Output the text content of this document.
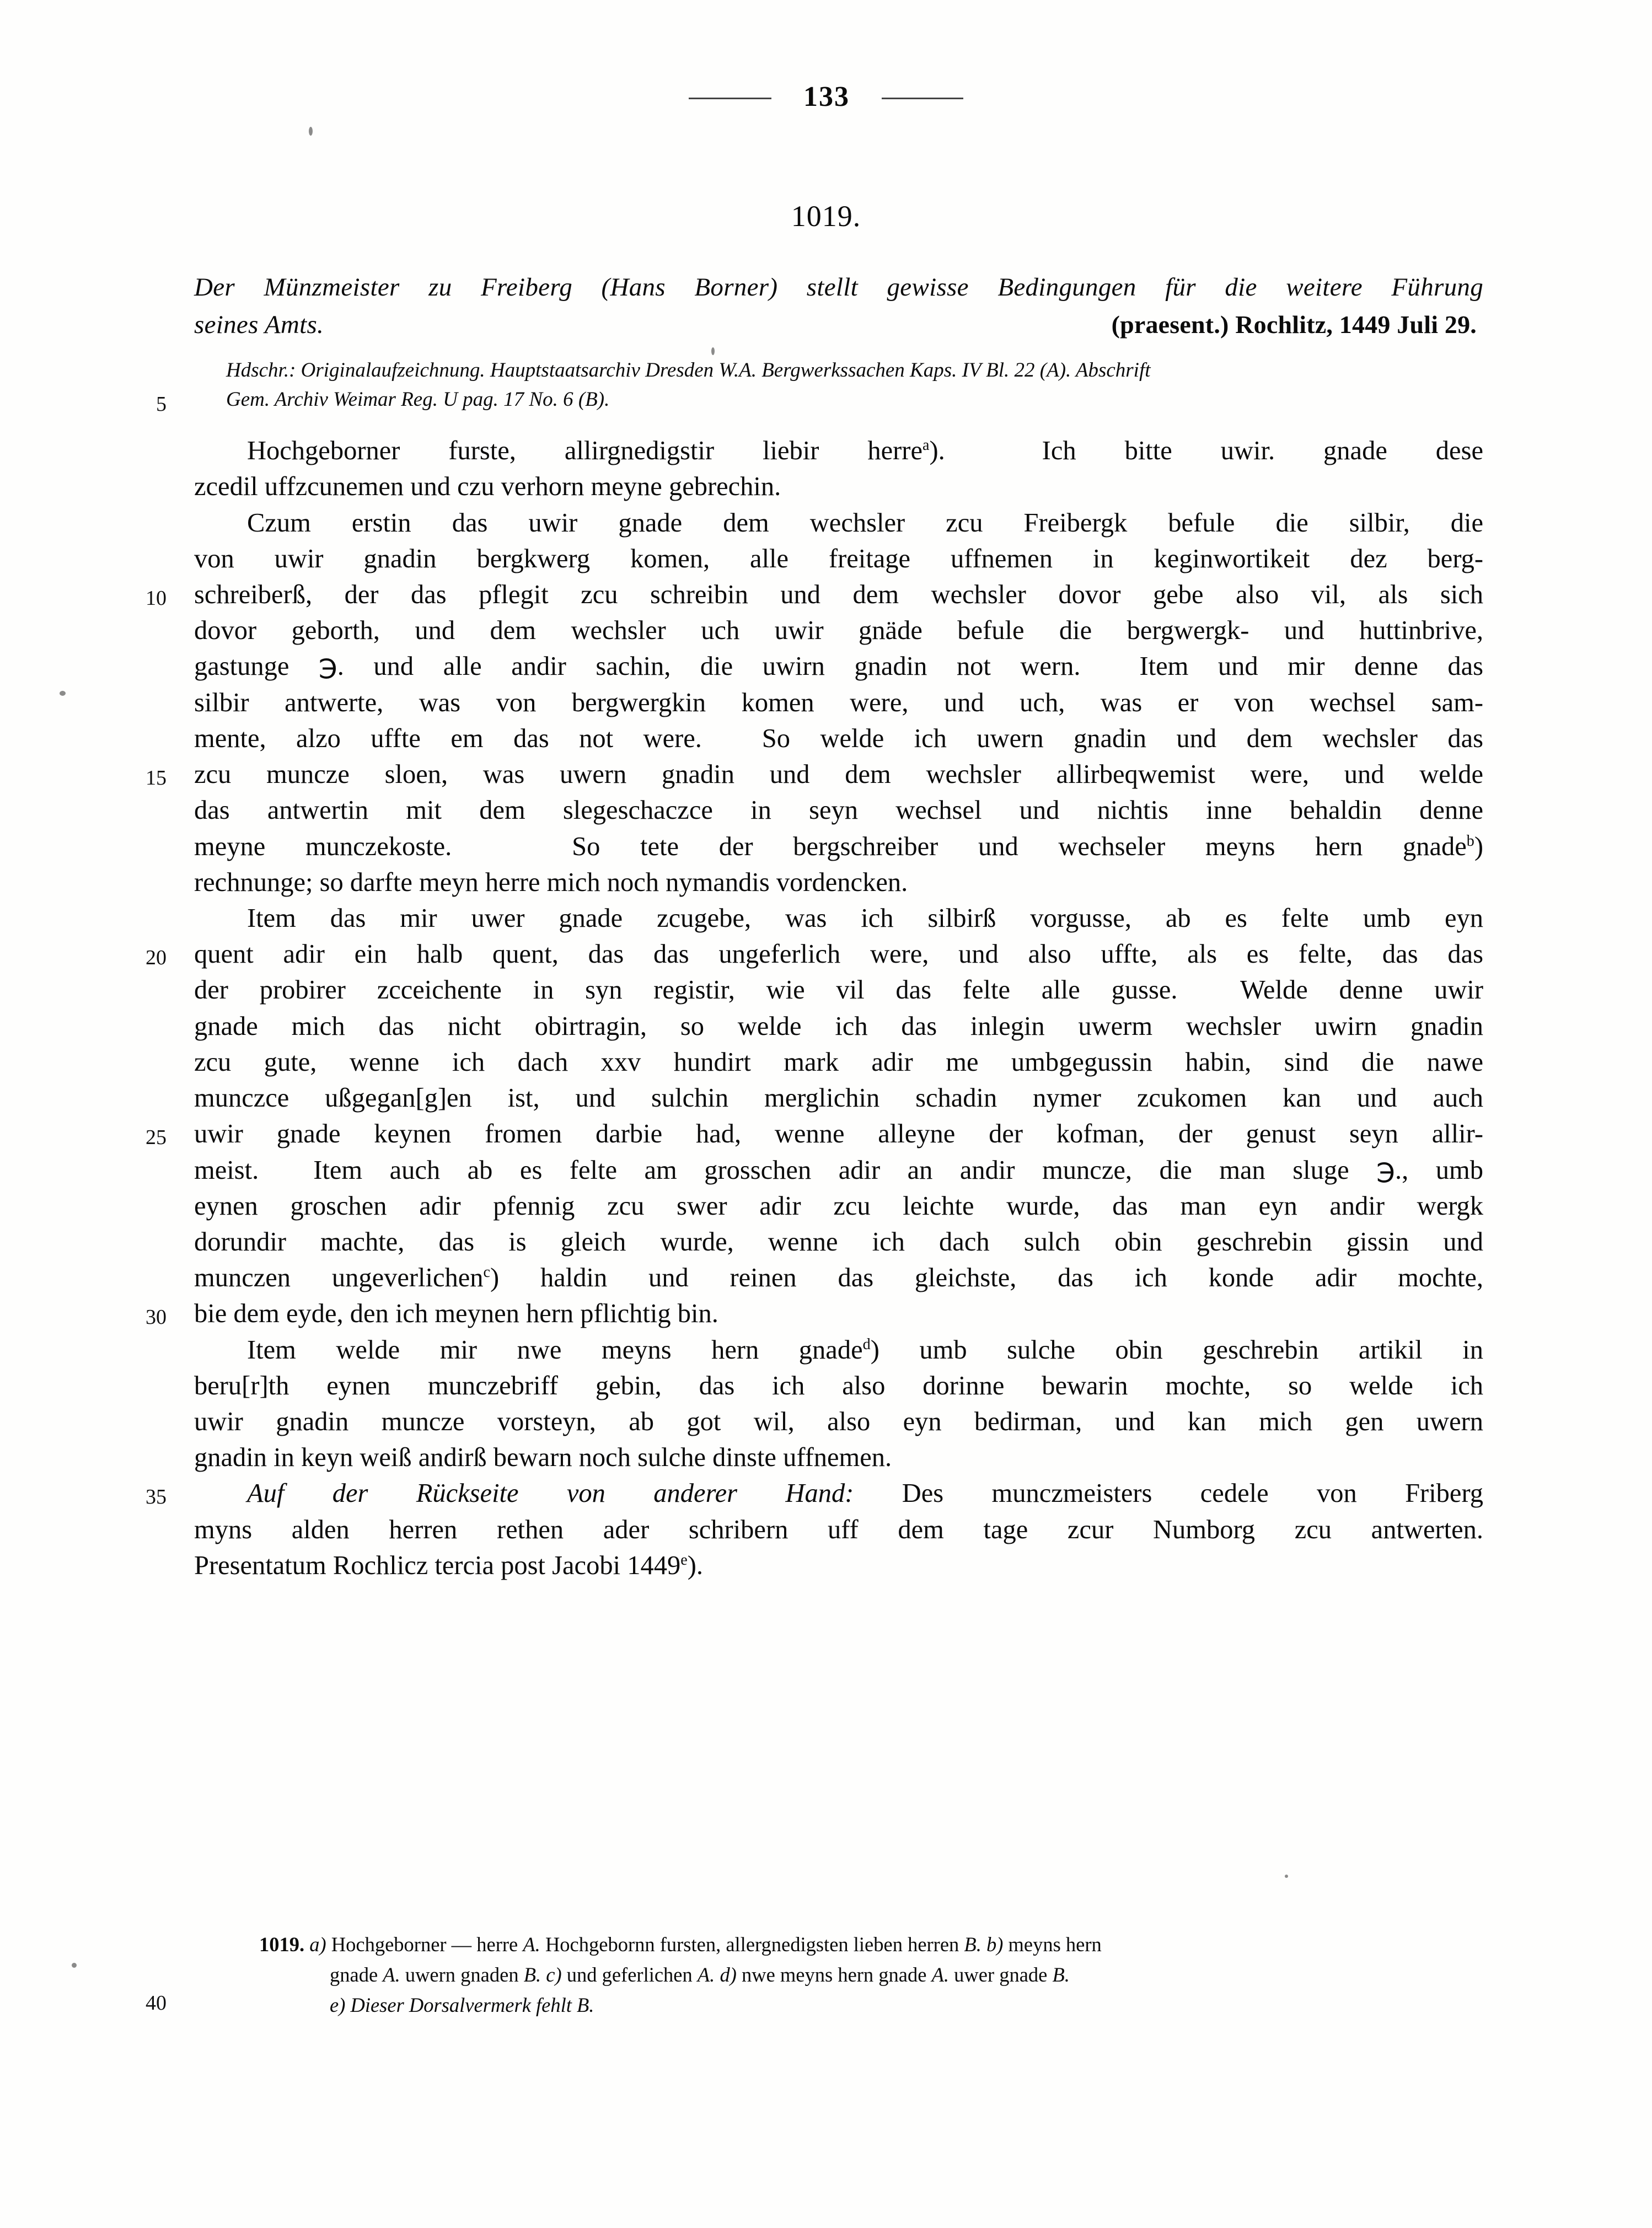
133
1019.
Der Münzmeister zu Freiberg (Hans Borner) stellt gewisse Bedingungen für die weitere Führung
seines Amts.	(praesent.) Rochlitz, 1449 Juli 29.
Hdschr.: Originalaufzeichnung. Hauptstaatsarchiv Dresden W.A. Bergwerkssachen Kaps. IV Bl. 22 (A). Abschrift
Gem. Archiv Weimar Reg. U pag. 17 No. 6 (B).

Hochgeborner furste, allirgnedigstir liebir herre$^a$).  Ich bitte uwir. gnade dese
zcedil uffzcunemen und czu verhorn meyne gebrechin.

Czum erstin das uwir gnade dem wechsler zcu Freibergk befule die silbir, die
von uwir gnadin bergkwerg komen, alle freitage uffnemen in keginwortikeit dez berg-
schreiberß, der das pflegit zcu schreibin und dem wechsler dovor gebe also vil, als sich
dovor geborth, und dem wechsler uch uwir gnäde befule die bergwergk- und huttinbrive,
gastunge ℈. und alle andir sachin, die uwirn gnadin not wern.  Item und mir denne das
silbir antwerte, was von bergwergkin komen were, und uch, was er von wechsel sam-
mente, alzo uffte em das not were.  So welde ich uwern gnadin und dem wechsler das
zcu muncze sloen, was uwern gnadin und dem wechsler allirbeqwemist were, und welde
das antwertin mit dem slegeschaczce in seyn wechsel und nichtis inne behaldin denne
meyne munczekoste.   So tete der bergschreiber und wechseler meyns hern gnade$^b$)
rechnunge; so darfte meyn herre mich noch nymandis vordencken.

Item das mir uwer gnade zcugebe, was ich silbirß vorgusse, ab es felte umb eyn
quent adir ein halb quent, das das ungeferlich were, und also uffte, als es felte, das das
der probirer zcceichente in syn registir, wie vil das felte alle gusse.  Welde denne uwir
gnade mich das nicht obirtragin, so welde ich das inlegin uwerm wechsler uwirn gnadin
zcu gute, wenne ich dach xxv hundirt mark adir me umbgegussin habin, sind die nawe
munczce ußgegan[g]en ist, und sulchin merglichin schadin nymer zcukomen kan und auch
uwir gnade keynen fromen darbie had, wenne alleyne der kofman, der genust seyn allir-
meist.  Item auch ab es felte am grosschen adir an andir muncze, die man sluge ℈., umb
eynen groschen adir pfennig zcu swer adir zcu leichte wurde, das man eyn andir wergk
dorundir machte, das is gleich wurde, wenne ich dach sulch obin geschrebin gissin und
munczen ungeverlichen$^c$) haldin und reinen das gleichste, das ich konde adir mochte,
bie dem eyde, den ich meynen hern pflichtig bin.

Item welde mir nwe meyns hern gnade$^d$) umb sulche obin geschrebin artikil in
beru[r]th eynen munczebriff gebin, das ich also dorinne bewarin mochte, so welde ich
uwir gnadin muncze vorsteyn, ab got wil, also eyn bedirman, und kan mich gen uwern
gnadin in keyn weiß andirß bewarn noch sulche dinste uffnemen.

Auf der Rückseite von anderer Hand: Des munczmeisters cedele von Friberg
myns alden herren rethen ader schribern uff dem tage zcur Numborg zcu antwerten.
Presentatum Rochlicz tercia post Jacobi 1449e).

5
10
15
20
25
30
35
40
1019. a) Hochgeborner — herre A. Hochgebornn fursten, allergnedigsten lieben herren B. b) meyns hern
gnade A. uwern gnaden B. c) und geferlichen A. d) nwe meyns hern gnade A. uwer gnade B.
e) Dieser Dorsalvermerk fehlt B.
